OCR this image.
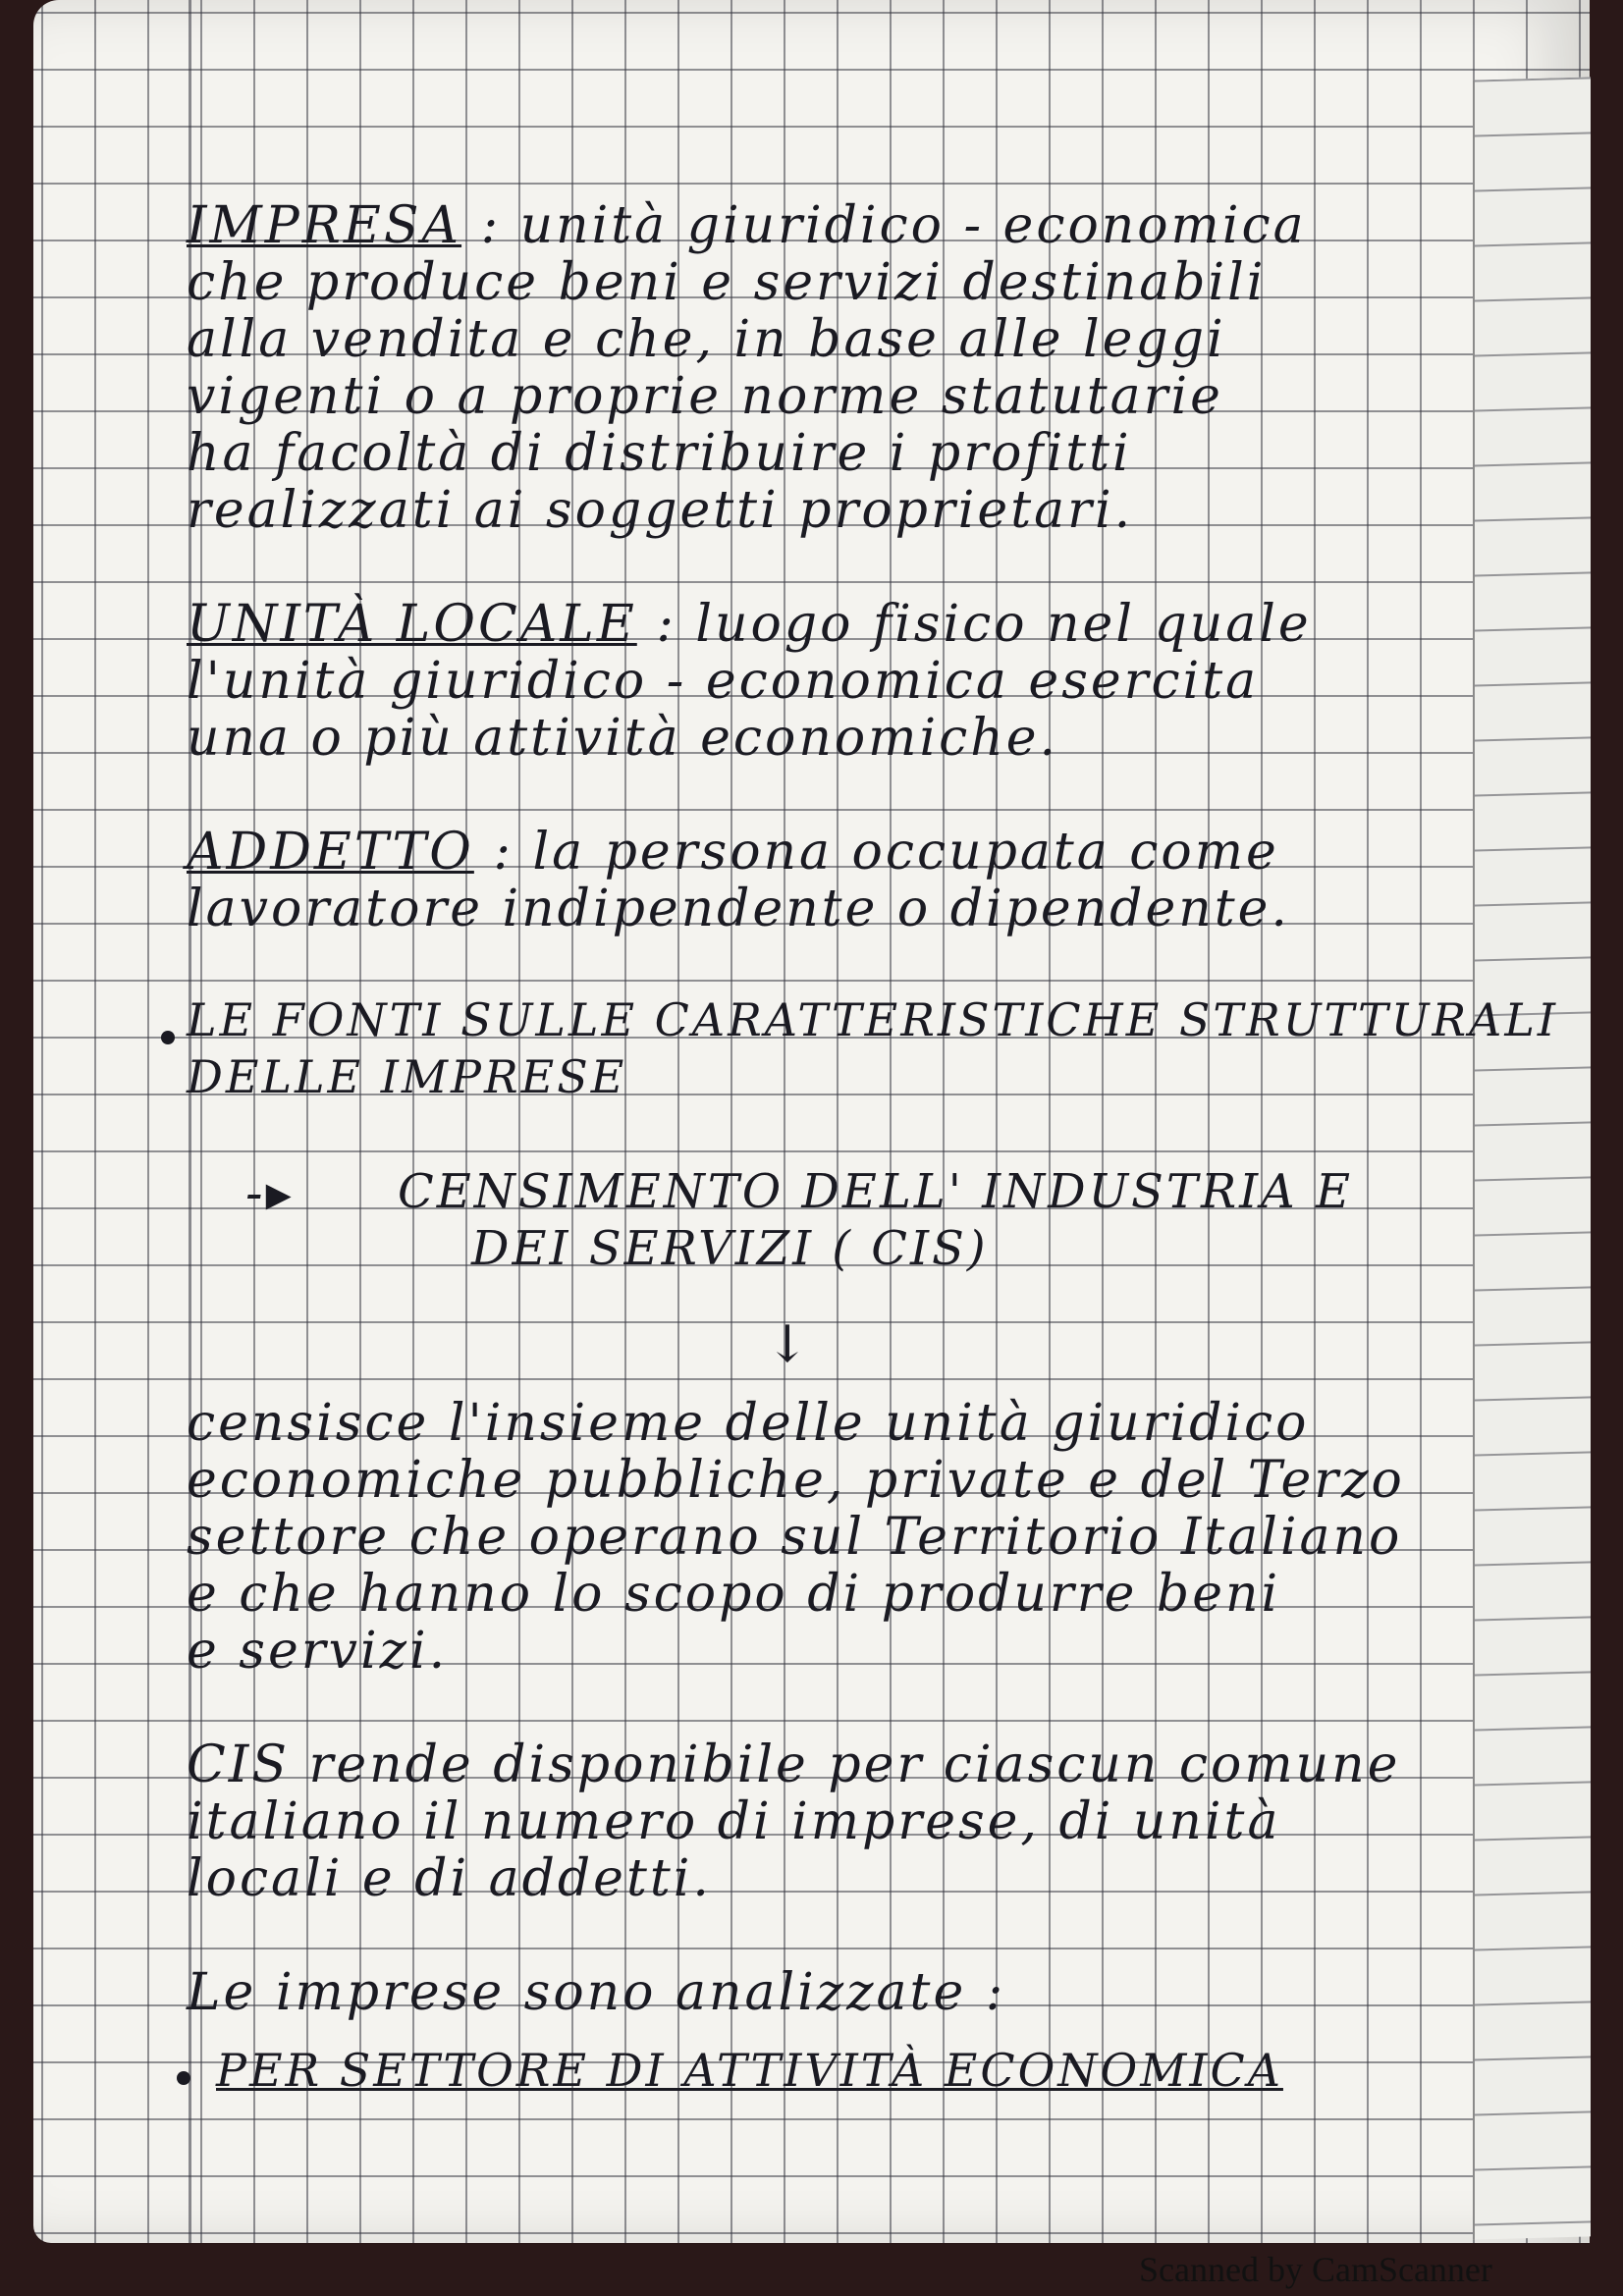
IMPRESA : unità giuridico - economica
che produce beni e servizi destinabili
alla vendita e che, in base alle leggi
vigenti o a proprie norme statutarie
ha facoltà di distribuire i profitti
realizzati ai soggetti proprietari.
UNITÀ LOCALE : luogo fisico nel quale
l'unità giuridico - economica esercita
una o più attività economiche.
ADDETTO : la persona occupata come
lavoratore indipendente o dipendente.
LE FONTI SULLE CARATTERISTICHE STRUTTURALI
DELLE IMPRESE
-▸ CENSIMENTO DELL' INDUSTRIA E
DEI SERVIZI ( CIS)
↓
censisce l'insieme delle unità giuridico
economiche pubbliche, private e del Terzo
settore che operano sul Territorio Italiano
e che hanno lo scopo di produrre beni
e servizi.
CIS rende disponibile per ciascun comune
italiano il numero di imprese, di unità
locali e di addetti.
Le imprese sono analizzate :
PER SETTORE DI ATTIVITÀ ECONOMICA
Scanned by CamScanner
